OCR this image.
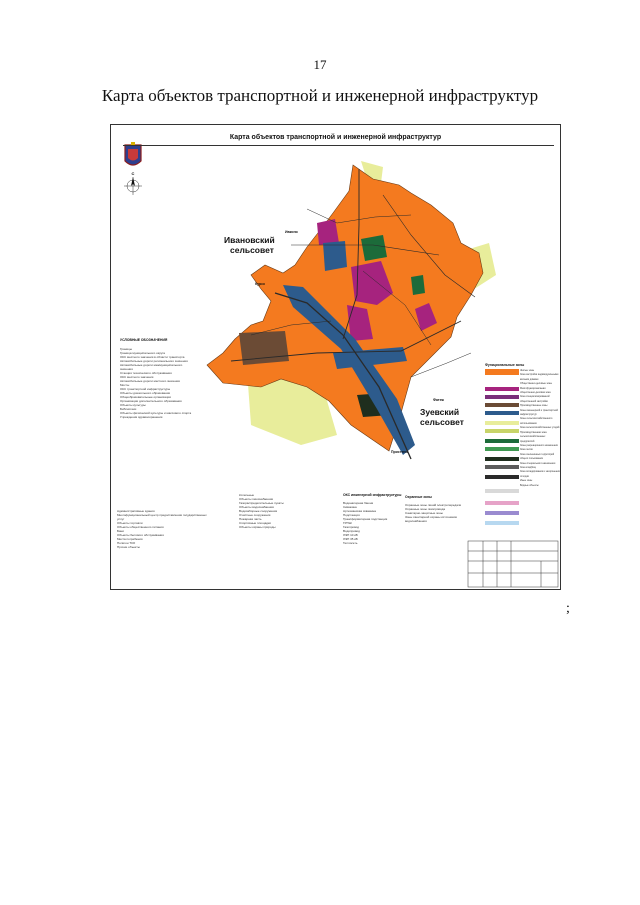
17
Карта объектов транспортной и инженерной инфраструктур
С
Ивановский
сельсовет
Зуевский
сельсовет
Ивкино
Курск
Фатеж
Пристень
Карта объектов транспортной и инженерной инфраструктур
УСЛОВНЫЕ ОБОЗНАЧЕНИЯ
Границы
Граница муниципального округа
ОКС местного значения в области транспорта
Автомобильные дороги регионального значения
Автомобильные дороги межмуниципального значения
Станция технического обслуживания
ОКС местного значения
Автомобильные дороги местного значения
Мосты
ОКС транспортной инфраструктуры
Объекты дошкольного образования
Общеобразовательные организации
Организации дополнительного образования
Объекты культуры
Библиотеки
Объекты физической культуры и массового спорта
Учреждения здравоохранения
Административные здания
Многофункциональный центр предоставления государственных услуг
Объекты торговли
Объекты общественного питания
Бани
Объекты бытового обслуживания
Места погребения
Полигон ТКО
Прочие объекты
Котельные
Объекты газоснабжения
Газораспределительные пункты
Объекты водоснабжения
Водозаборные сооружения
Очистные сооружения
Пожарная часть
Спортивные площадки
Объекты охраны природы
ОКС инженерной инфраструктуры
Водонапорная башня
Скважина
Артезианская скважина
Подстанция
Трансформаторная подстанция
ГРПШ
Газопровод
Водопровод
ЛЭП 10 кВ
ЛЭП 35 кВ
Теплосеть
Охранные зоны
Охранные зоны линий электропередачи
Охранные зоны газопровода
Санитарно-защитные зоны
Зоны санитарной охраны источников водоснабжения
Функциональные зоны
Жилые зоны
Зона застройки индивидуальными жилыми домами
Общественно-деловые зоны
Многофункциональная общественно-деловая зона
Зона специализированной общественной застройки
Производственные зоны
Зоны инженерной и транспортной инфраструктур
Зоны сельскохозяйственного использования
Зона сельскохозяйственных угодий
Производственная зона сельскохозяйственных предприятий
Зоны рекреационного назначения
Зона лесов
Зона озеленённых территорий общего пользования
Зоны специального назначения
Зона кладбищ
Зона складирования и захоронения отходов
Иные зоны
Водные объекты
;
